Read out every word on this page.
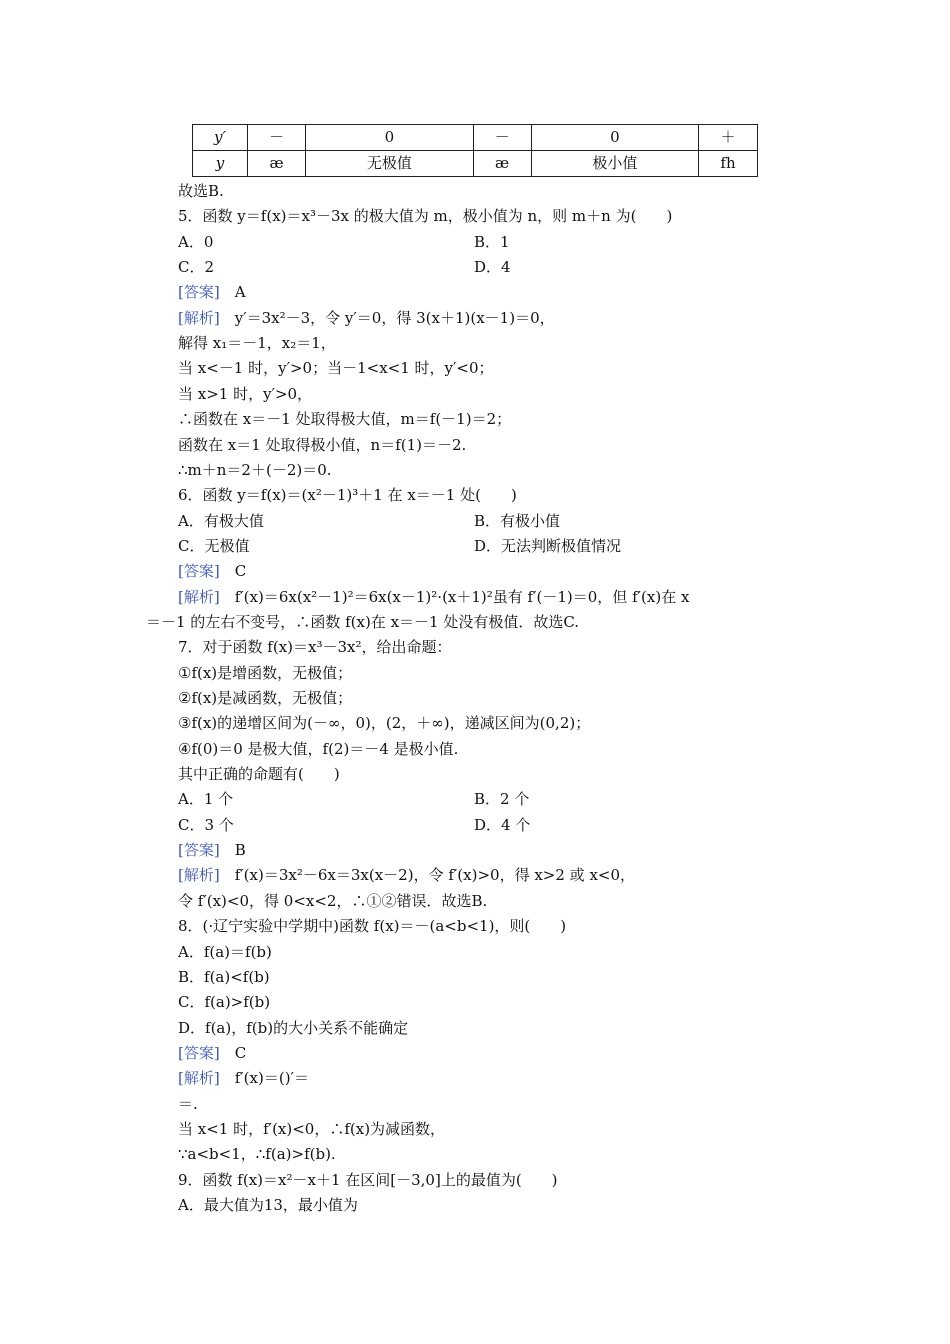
y′	－	0	－	0	＋
y	æ	无极值	æ	极小值	fh
故选B.
5．函数 y＝f(x)＝x³－3x 的极大值为 m，极小值为 n，则 m＋n 为(　　)
A．0	B．1
C．2	D．4
[答案]　A
[解析]　y′＝3x²－3，令 y′＝0，得 3(x＋1)(x－1)＝0，
解得 x₁＝－1，x₂＝1，
当 x<－1 时，y′>0；当－1<x<1 时，y′<0；
当 x>1 时，y′>0，
∴函数在 x＝－1 处取得极大值，m＝f(－1)＝2；
函数在 x＝1 处取得极小值，n＝f(1)＝－2.
∴m＋n＝2＋(－2)＝0.
6．函数 y＝f(x)＝(x²－1)³＋1 在 x＝－1 处(　　)
A．有极大值	B．有极小值
C．无极值	D．无法判断极值情况
[答案]　C
[解析]　f′(x)＝6x(x²－1)²＝6x(x－1)²·(x＋1)²虽有 f′(－1)＝0，但 f′(x)在 x
＝－1 的左右不变号，∴函数 f(x)在 x＝－1 处没有极值．故选C.
7．对于函数 f(x)＝x³－3x²，给出命题：
①f(x)是增函数，无极值；
②f(x)是减函数，无极值；
③f(x)的递增区间为(－∞，0)，(2，＋∞)，递减区间为(0,2)；
④f(0)＝0 是极大值，f(2)＝－4 是极小值.
其中正确的命题有(　　)
A．1 个	B．2 个
C．3 个	D．4 个
[答案]　B
[解析]　f′(x)＝3x²－6x＝3x(x－2)，令 f′(x)>0，得 x>2 或 x<0，
令 f′(x)<0，得 0<x<2，∴①②错误．故选B.
8．(·辽宁实验中学期中)函数 f(x)＝－(a<b<1)，则(　　)
A．f(a)＝f(b)
B．f(a)<f(b)
C．f(a)>f(b)
D．f(a)，f(b)的大小关系不能确定
[答案]　C
[解析]　f′(x)＝()′＝
＝.
当 x<1 时，f′(x)<0，∴f(x)为减函数，
∵a<b<1，∴f(a)>f(b).
9．函数 f(x)＝x²－x＋1 在区间[－3,0]上的最值为(　　)
A．最大值为13，最小值为
